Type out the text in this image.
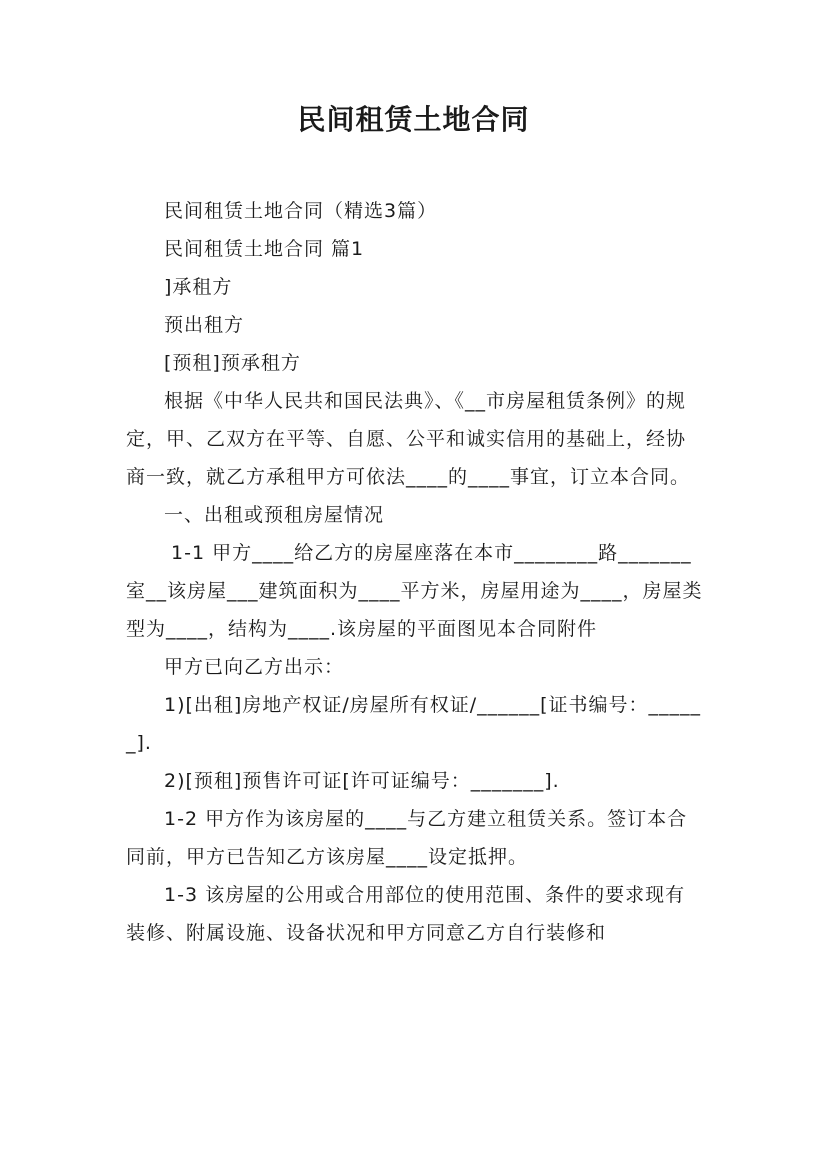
民间租赁土地合同

民间租赁土地合同（精选3篇）

民间租赁土地合同 篇1

]承租方

预出租方

[预租]预承租方

根据《中华人民共和国民法典》、《__市房屋租赁条例》的规定，甲、乙双方在平等、自愿、公平和诚实信用的基础上，经协商一致，就乙方承租甲方可依法____的____事宜，订立本合同。

一、出租或预租房屋情况

1-1 甲方____给乙方的房屋座落在本市________路_______室__该房屋___建筑面积为____平方米，房屋用途为____，房屋类型为____，结构为____.该房屋的平面图见本合同附件

甲方已向乙方出示：

1)[出租]房地产权证/房屋所有权证/______[证书编号：______].

2)[预租]预售许可证[许可证编号：_______].

1-2 甲方作为该房屋的____与乙方建立租赁关系。签订本合同前，甲方已告知乙方该房屋____设定抵押。

1-3 该房屋的公用或合用部位的使用范围、条件的要求现有装修、附属设施、设备状况和甲方同意乙方自行装修和
